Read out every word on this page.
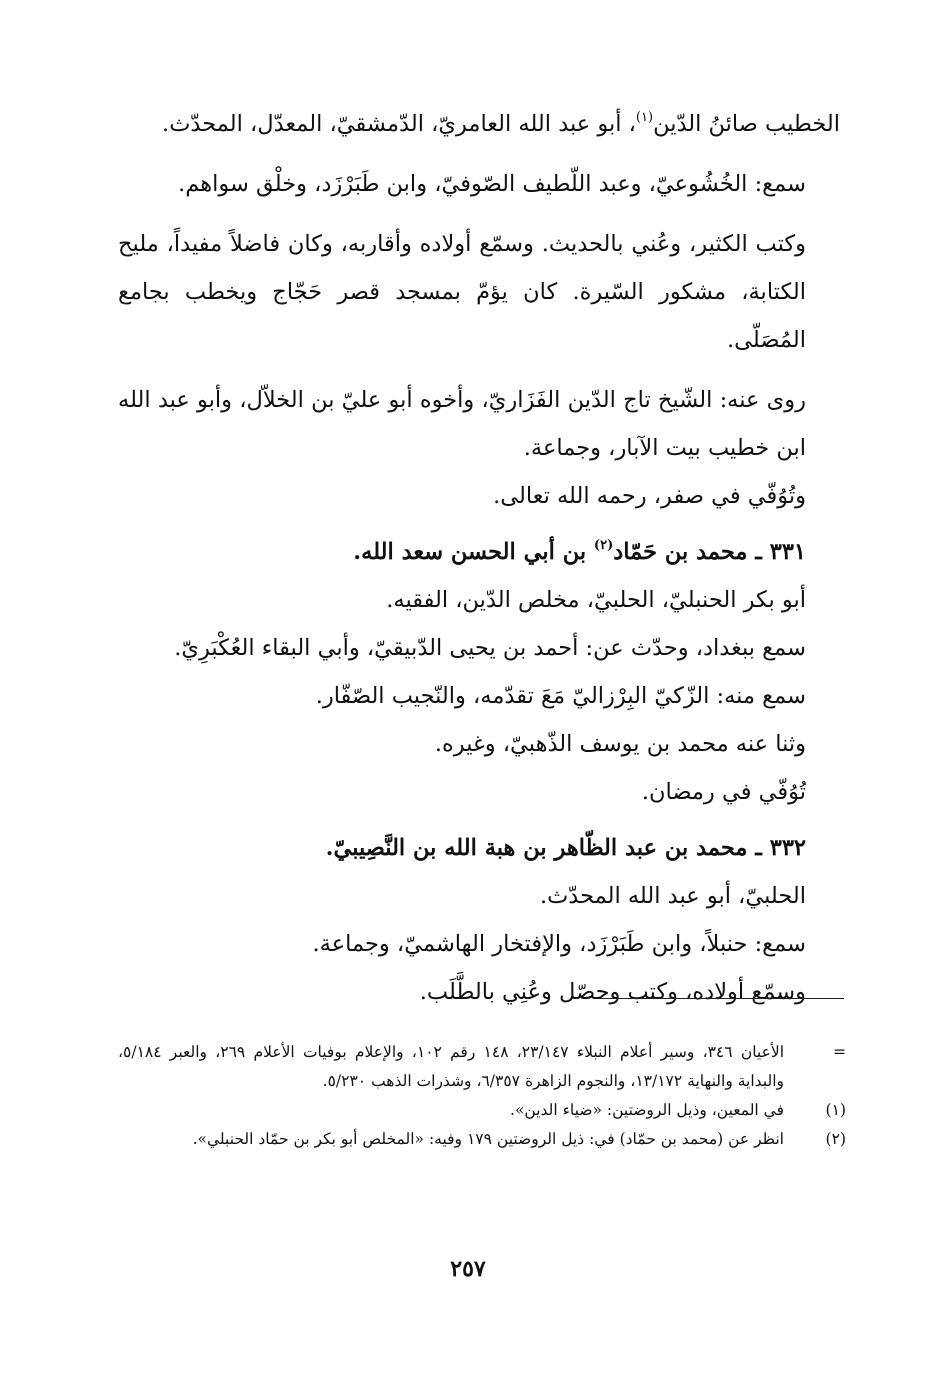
الخطيب صائنُ الدّين$^{(١)}$، أبو عبد الله العامريّ، الدّمشقيّ، المعدّل، المحدّث.

سمع: الخُشُوعيّ، وعبد اللّطيف الصّوفيّ، وابن طَبَرْزَد، وخلْق سواهم.

وكتب الكثير، وعُني بالحديث. وسمّع أولاده وأقاربه، وكان فاضلاً مفيداً، مليح الكتابة، مشكور السّيرة. كان يؤمّ بمسجد قصر حَجّاج ويخطب بجامع المُصَلّى.

روى عنه: الشّيخ تاج الدّين الفَزَاريّ، وأخوه أبو عليّ بن الخلاّل، وأبو عبد الله ابن خطيب بيت الآبار، وجماعة.

وتُوُفّي في صفر، رحمه الله تعالى.

٣٣١ ـ محمد بن حَمّاد$^{(٢)}$ بن أبي الحسن سعد الله.

أبو بكر الحنبليّ، الحلبيّ، مخلص الدّين، الفقيه.

سمع ببغداد، وحدّث عن: أحمد بن يحيى الدّبيقيّ، وأبي البقاء العُكْبَرِيّ.

سمع منه: الزّكيّ البِرْزاليّ مَعَ تقدّمه، والنّجيب الصّفّار.

وثنا عنه محمد بن يوسف الذّهبيّ، وغيره.

تُوُفّي في رمضان.

٣٣٢ ـ محمد بن عبد الظّاهر بن هبة الله بن النَّصِيبيّ.

الحلبيّ، أبو عبد الله المحدّث.

سمع: حنبلاً، وابن طَبَرْزَد، والإفتخار الهاشميّ، وجماعة.

وسمّع أولاده، وكتب وحصّل وعُنِي بالطَّلَب.

=
الأعيان ٣٤٦، وسير أعلام النبلاء ٢٣/١٤٧، ١٤٨ رقم ١٠٢، والإعلام بوفيات الأعلام ٢٦٩، والعبر ٥/١٨٤، والبداية والنهاية ١٣/١٧٢، والنجوم الزاهرة ٦/٣٥٧، وشذرات الذهب ٥/٢٣٠.
(١)
في المعين، وذيل الروضتين: «ضياء الدين».
(٢)
انظر عن (محمد بن حمّاد) في: ذيل الروضتين ١٧٩ وفيه: «المخلص أبو بكر بن حمّاد الحنبلي».
٢٥٧
